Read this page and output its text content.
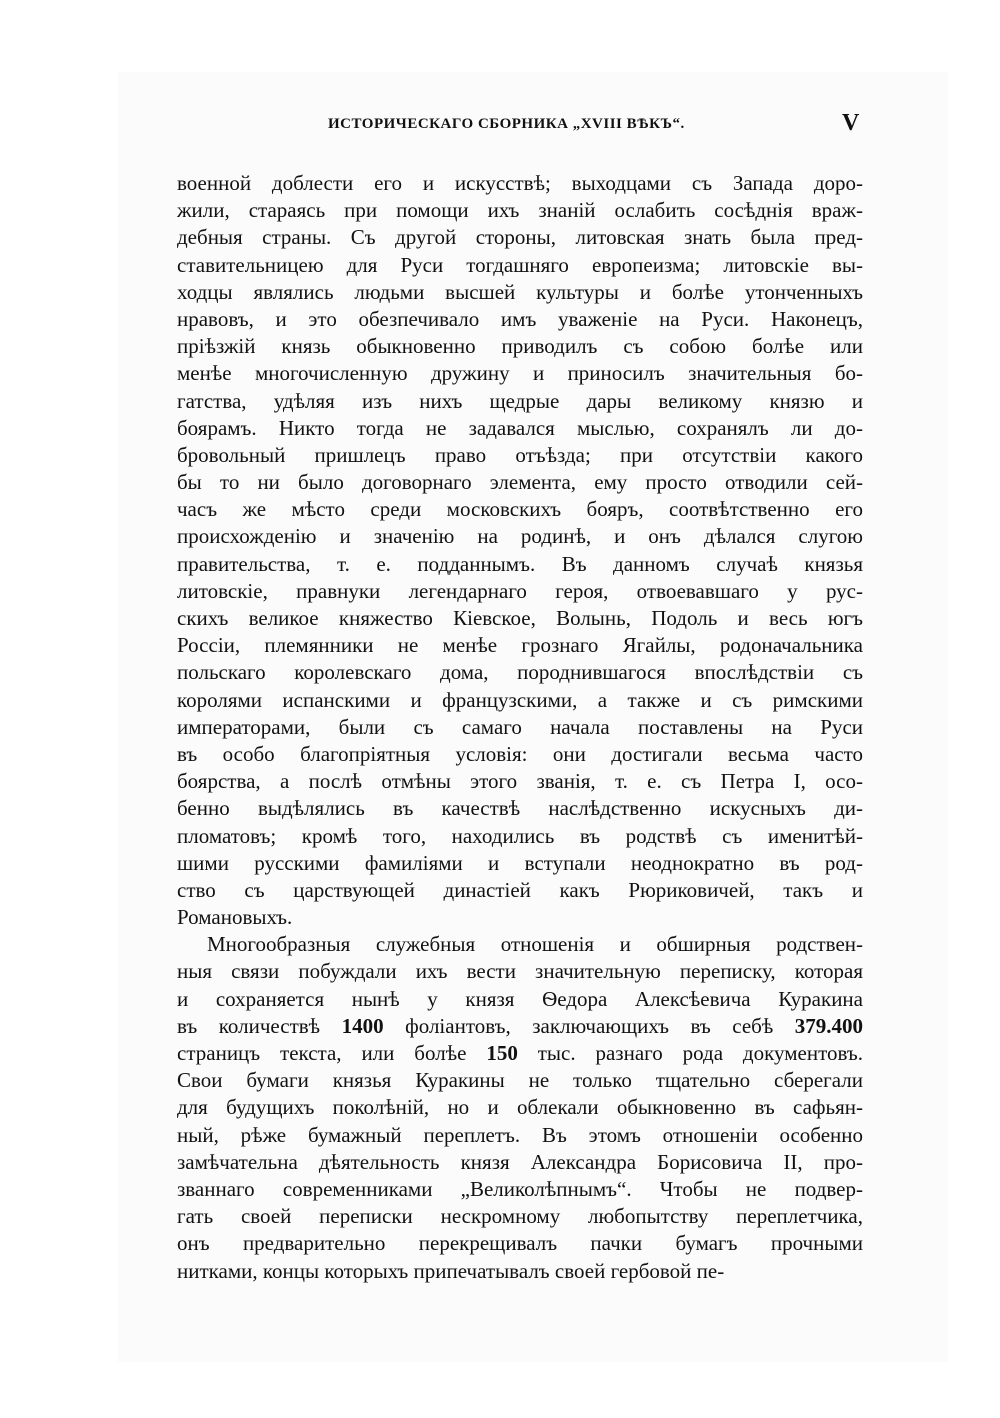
ИСТОРИЧЕСКАГО СБОРНИКА „XVIII ВѢКЪ“.	V
военной доблести его и искусствѣ; выходцами съ Запада доро-
жили, стараясь при помощи ихъ знаній ослабить сосѣднія враж-
дебныя страны. Съ другой стороны, литовская знать была пред-
ставительницею для Руси тогдашняго европеизма; литовскіе вы-
ходцы являлись людьми высшей культуры и болѣе утонченныхъ
нравовъ, и это обезпечивало имъ уваженіе на Руси. Наконецъ,
пріѣзжій князь обыкновенно приводилъ съ собою болѣе или
менѣе многочисленную дружину и приносилъ значительныя бо-
гатства, удѣляя изъ нихъ щедрые дары великому князю и
боярамъ. Никто тогда не задавался мыслью, сохранялъ ли до-
бровольный пришлецъ право отъѣзда; при отсутствіи какого
бы то ни было договорнаго элемента, ему просто отводили сей-
часъ же мѣсто среди московскихъ бояръ, соотвѣтственно его
происхожденію и значенію на родинѣ, и онъ дѣлался слугою
правительства, т. е. подданнымъ. Въ данномъ случаѣ князья
литовскіе, правнуки легендарнаго героя, отвоевавшаго у рус-
скихъ великое княжество Кіевское, Волынь, Подоль и весь югъ
Россіи, племянники не менѣе грознаго Ягайлы, родоначальника
польскаго королевскаго дома, породнившагося впослѣдствіи съ
королями испанскими и французскими, а также и съ римскими
императорами, были съ самаго начала поставлены на Руси
въ особо благопріятныя условія: они достигали весьма часто
боярства, а послѣ отмѣны этого званія, т. е. съ Петра I, осо-
бенно выдѣлялись въ качествѣ наслѣдственно искусныхъ ди-
пломатовъ; кромѣ того, находились въ родствѣ съ именитѣй-
шими русскими фамиліями и вступали неоднократно въ род-
ство съ царствующей династіей какъ Рюриковичей, такъ и
Романовыхъ.
Многообразныя служебныя отношенія и обширныя родствен-
ныя связи побуждали ихъ вести значительную переписку, которая
и сохраняется нынѣ у князя Ѳедора Алексѣевича Куракина
въ количествѣ 1400 фоліантовъ, заключающихъ въ себѣ 379.400
страницъ текста, или болѣе 150 тыс. разнаго рода документовъ.
Свои бумаги князья Куракины не только тщательно сберегали
для будущихъ поколѣній, но и облекали обыкновенно въ сафьян-
ный, рѣже бумажный переплетъ. Въ этомъ отношеніи особенно
замѣчательна дѣятельность князя Александра Борисовича II, про-
званнаго современниками „Великолѣпнымъ“. Чтобы не подвер-
гать своей переписки нескромному любопытству переплетчика,
онъ предварительно перекрещивалъ пачки бумагъ прочными
нитками, концы которыхъ припечатывалъ своей гербовой пе-
